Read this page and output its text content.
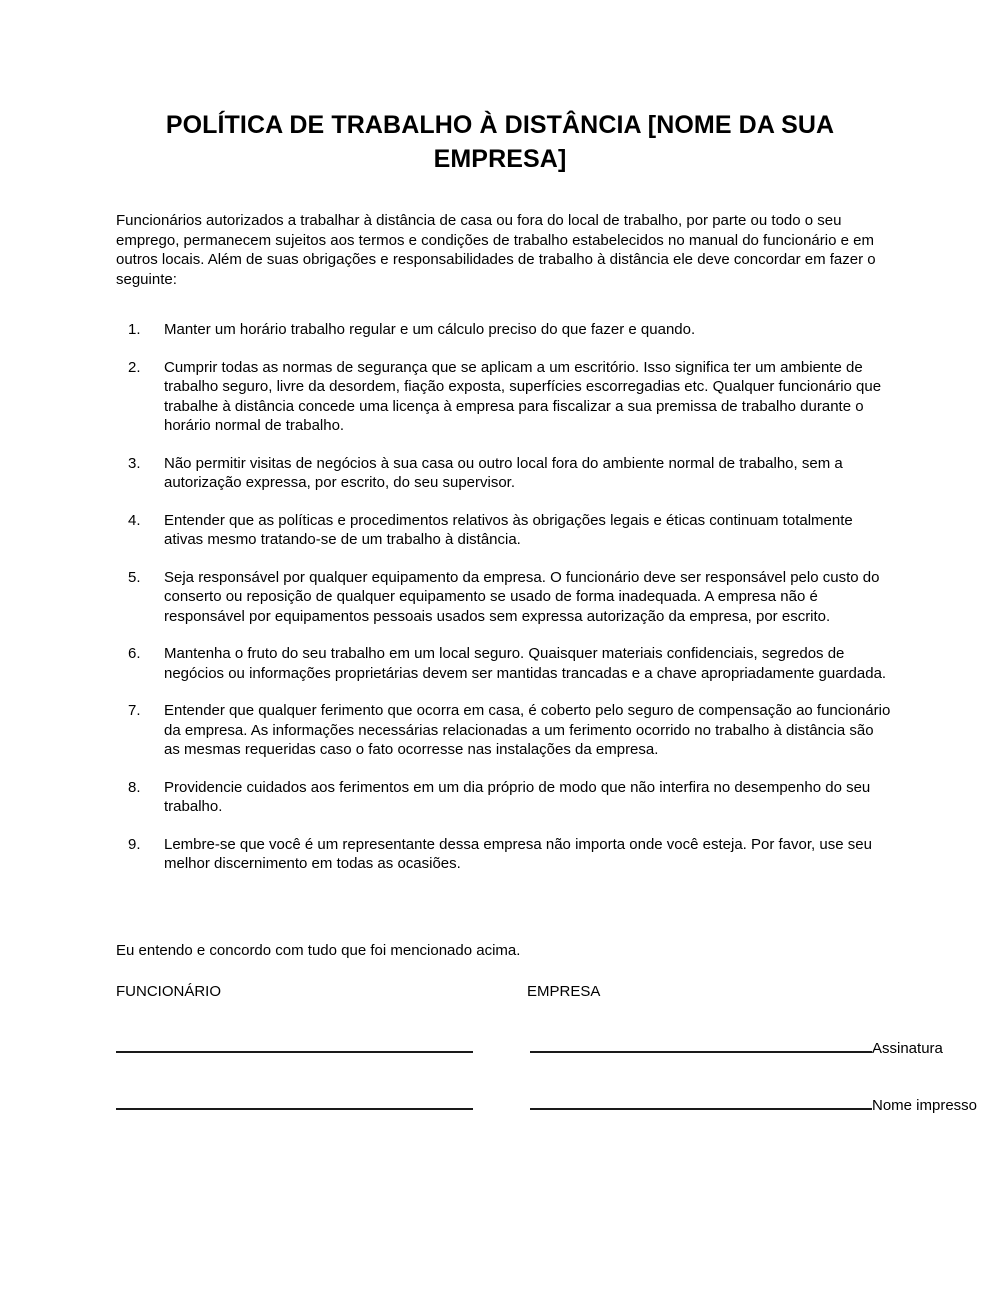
POLÍTICA DE TRABALHO À DISTÂNCIA [NOME DA SUA EMPRESA]

Funcionários autorizados a trabalhar à distância de casa ou fora do local de trabalho, por parte ou todo o seu emprego, permanecem sujeitos aos termos e condições de trabalho estabelecidos no manual do funcionário e em outros locais. Além de suas obrigações e responsabilidades de trabalho à distância ele deve concordar em fazer o seguinte:

1.	Manter um horário trabalho regular e um cálculo preciso do que fazer e quando.
2.	Cumprir todas as normas de segurança que se aplicam a um escritório. Isso significa ter um ambiente de trabalho seguro, livre da desordem, fiação exposta, superfícies escorregadias etc. Qualquer funcionário que trabalhe à distância concede uma licença à empresa para fiscalizar a sua premissa de trabalho durante o horário normal de trabalho.
3.	Não permitir visitas de negócios à sua casa ou outro local fora do ambiente normal de trabalho, sem a autorização expressa, por escrito, do seu supervisor.
4.	Entender que as políticas e procedimentos relativos às obrigações legais e éticas continuam totalmente ativas mesmo tratando-se de um trabalho à distância.
5.	Seja responsável por qualquer equipamento da empresa. O funcionário deve ser responsável pelo custo do conserto ou reposição de qualquer equipamento se usado de forma inadequada. A empresa não é responsável por equipamentos pessoais usados sem expressa autorização da empresa, por escrito.
6.	Mantenha o fruto do seu trabalho em um local seguro. Quaisquer materiais confidenciais, segredos de negócios ou informações proprietárias devem ser mantidas trancadas e a chave apropriadamente guardada.
7.	Entender que qualquer ferimento que ocorra em casa, é coberto pelo seguro de compensação ao funcionário da empresa. As informações necessárias relacionadas a um ferimento ocorrido no trabalho à distância são as mesmas requeridas caso o fato ocorresse nas instalações da empresa.
8.	Providencie cuidados aos ferimentos em um dia próprio de modo que não interfira no desempenho do seu trabalho.
9.	Lembre-se que você é um representante dessa empresa não importa onde você esteja. Por favor, use seu melhor discernimento em todas as ocasiões.

Eu entendo e concordo com tudo que foi mencionado acima.

FUNCIONÁRIO	EMPRESA
Assinatura
Nome impresso
